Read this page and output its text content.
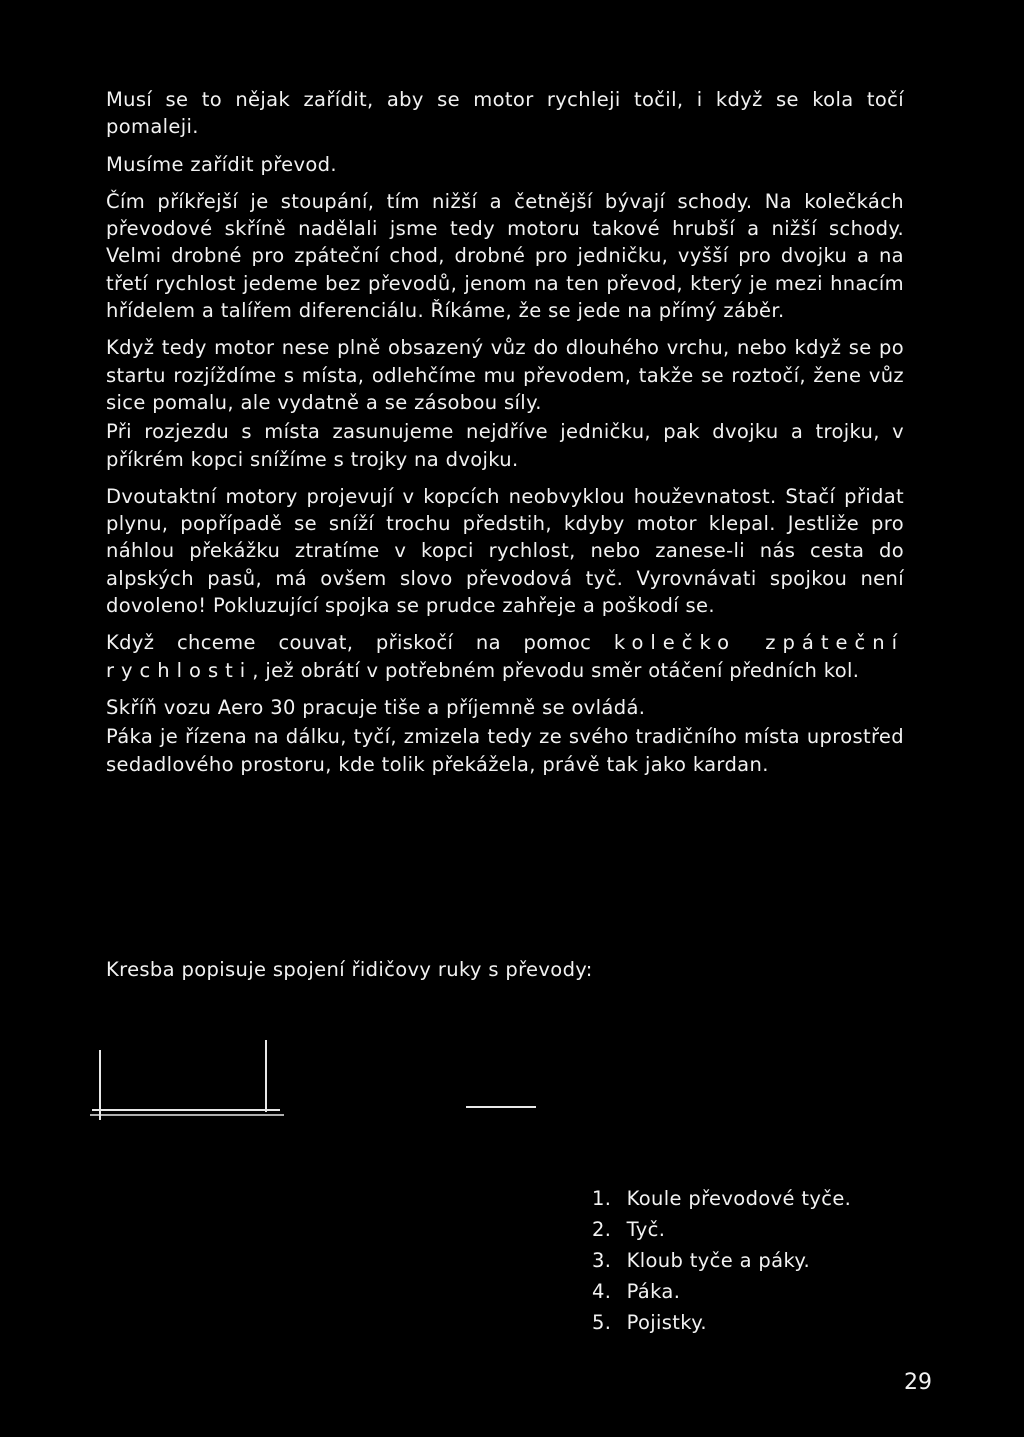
Musí se to nějak zařídit, aby se motor rychleji točil, i když se kola točí pomaleji.

Musíme zařídit převod.

Čím příkřejší je stoupání, tím nižší a četnější bývají schody. Na kolečkách převodové skříně nadělali jsme tedy motoru takové hrubší a nižší schody. Velmi drobné pro zpáteční chod, drobné pro jedničku, vyšší pro dvojku a na třetí rychlost jedeme bez převodů, jenom na ten převod, který je mezi hnacím hřídelem a talířem diferenciálu. Říkáme, že se jede na přímý záběr.

Když tedy motor nese plně obsazený vůz do dlouhého vrchu, nebo když se po startu rozjíždíme s místa, odlehčíme mu převodem, takže se roztočí, žene vůz sice pomalu, ale vydatně a se zásobou síly.

Při rozjezdu s místa zasunujeme nejdříve jedničku, pak dvojku a trojku, v příkrém kopci snížíme s trojky na dvojku.

Dvoutaktní motory projevují v kopcích neobvyklou houževnatost. Stačí přidat plynu, popřípadě se sníží trochu předstih, kdyby motor klepal. Jestliže pro náhlou překážku ztratíme v kopci rychlost, nebo zanese-li nás cesta do alpských pasů, má ovšem slovo převodová tyč. Vyrovnávati spojkou není dovoleno! Pokluzující spojka se prudce zahřeje a poškodí se.

Když chceme couvat, přiskočí na pomoc kolečko zpáteční rychlosti, jež obrátí v potřebném převodu směr otáčení předních kol.

Skříň vozu Aero 30 pracuje tiše a příjemně se ovládá.

Páka je řízena na dálku, tyčí, zmizela tedy ze svého tradičního místa uprostřed sedadlového prostoru, kde tolik překážela, právě tak jako kardan.

Kresba popisuje spojení řidičovy ruky s převody:

1. Koule převodové tyče.
2. Tyč.
3. Kloub tyče a páky.
4. Páka.
5. Pojistky.
29
